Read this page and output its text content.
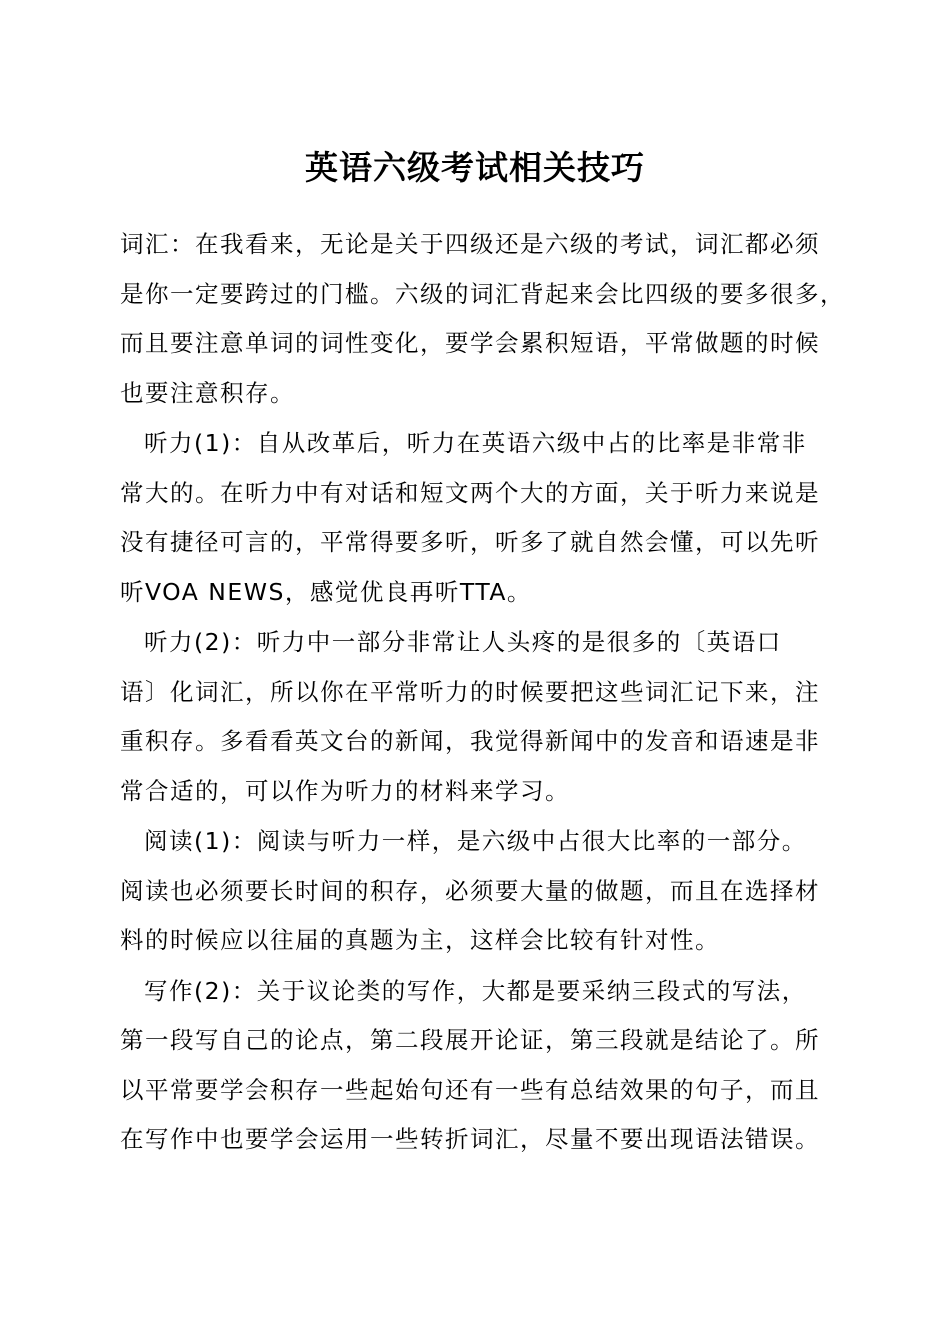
英语六级考试相关技巧

词汇：在我看来，无论是关于四级还是六级的考试，词汇都必须
是你一定要跨过的门槛。六级的词汇背起来会比四级的要多很多，
而且要注意单词的词性变化，要学会累积短语，平常做题的时候
也要注意积存。

听力(1)：自从改革后，听力在英语六级中占的比率是非常非
常大的。在听力中有对话和短文两个大的方面，关于听力来说是
没有捷径可言的，平常得要多听，听多了就自然会懂，可以先听
听VOA NEWS，感觉优良再听TTA。

听力(2)：听力中一部分非常让人头疼的是很多的〔英语口
语〕化词汇，所以你在平常听力的时候要把这些词汇记下来，注
重积存。多看看英文台的新闻，我觉得新闻中的发音和语速是非
常合适的，可以作为听力的材料来学习。

阅读(1)：阅读与听力一样，是六级中占很大比率的一部分。
阅读也必须要长时间的积存，必须要大量的做题，而且在选择材
料的时候应以往届的真题为主，这样会比较有针对性。

写作(2)：关于议论类的写作，大都是要采纳三段式的写法，
第一段写自己的论点，第二段展开论证，第三段就是结论了。所
以平常要学会积存一些起始句还有一些有总结效果的句子，而且
在写作中也要学会运用一些转折词汇，尽量不要出现语法错误。
